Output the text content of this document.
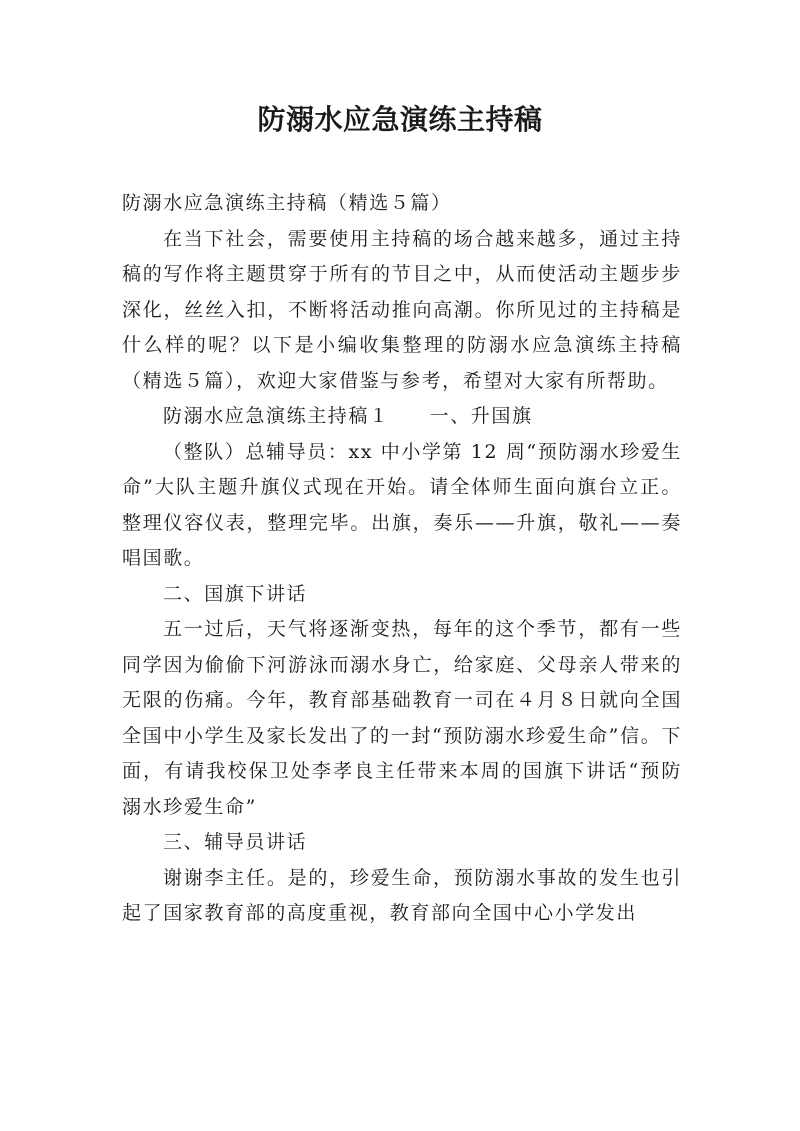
防溺水应急演练主持稿

防溺水应急演练主持稿（精选５篇）

在当下社会，需要使用主持稿的场合越来越多，通过主持稿的写作将主题贯穿于所有的节目之中，从而使活动主题步步深化，丝丝入扣，不断将活动推向高潮。你所见过的主持稿是什么样的呢？以下是小编收集整理的防溺水应急演练主持稿（精选５篇），欢迎大家借鉴与参考，希望对大家有所帮助。

防溺水应急演练主持稿１ 一、升国旗

（整队）总辅导员：xx 中小学第 12 周“预防溺水珍爱生命”大队主题升旗仪式现在开始。请全体师生面向旗台立正。整理仪容仪表，整理完毕。出旗，奏乐——升旗，敬礼——奏唱国歌。

二、国旗下讲话

五一过后，天气将逐渐变热，每年的这个季节，都有一些同学因为偷偷下河游泳而溺水身亡，给家庭、父母亲人带来的无限的伤痛。今年，教育部基础教育一司在４月８日就向全国全国中小学生及家长发出了的一封“预防溺水珍爱生命”信。下面，有请我校保卫处李孝良主任带来本周的国旗下讲话“预防溺水珍爱生命”

三、辅导员讲话

谢谢李主任。是的，珍爱生命，预防溺水事故的发生也引起了国家教育部的高度重视，教育部向全国中心小学发出
